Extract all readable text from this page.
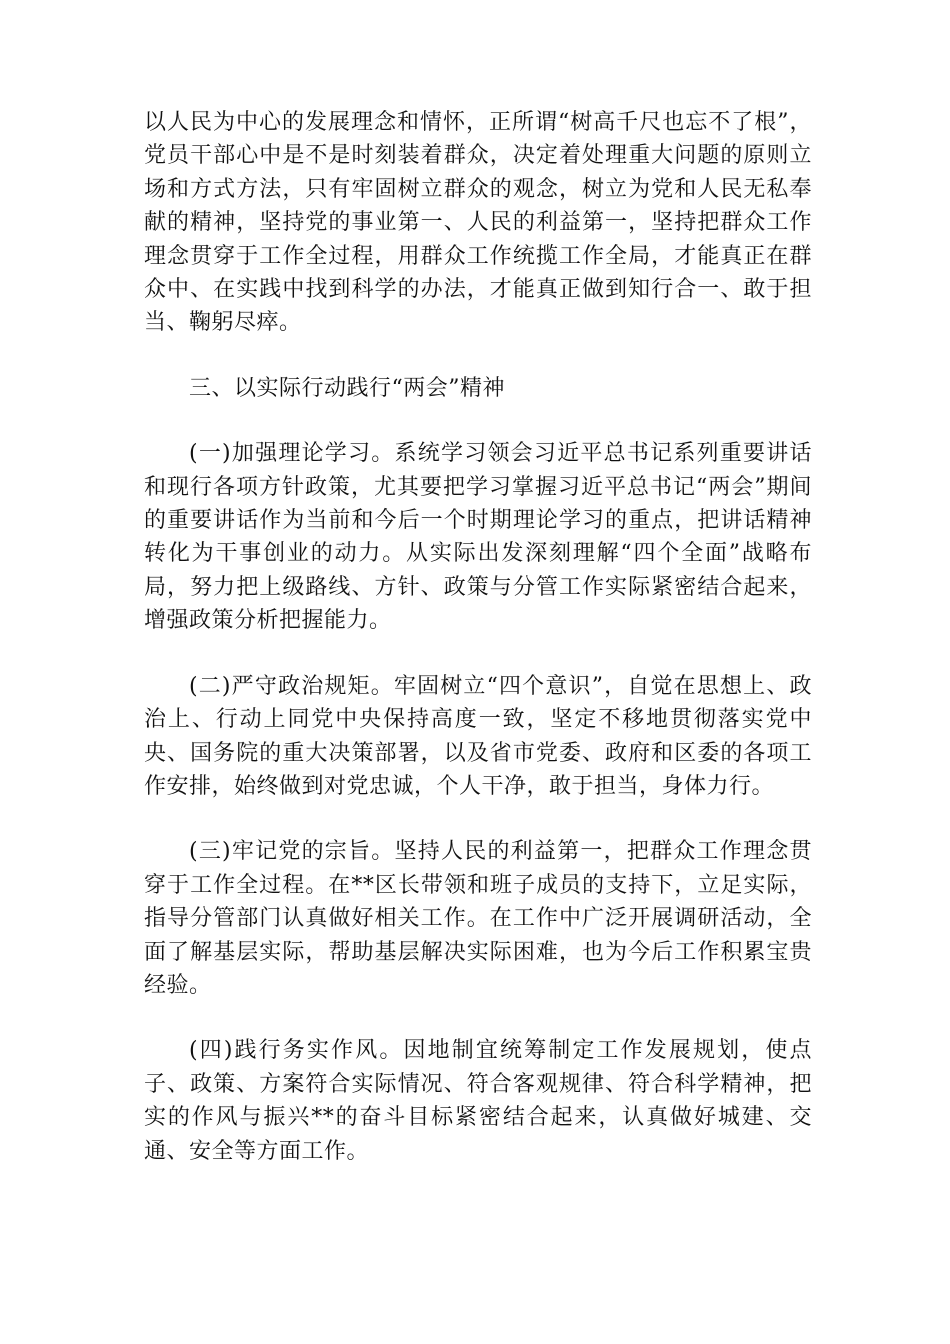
以人民为中心的发展理念和情怀，正所谓“树高千尺也忘不了根”，党员干部心中是不是时刻装着群众，决定着处理重大问题的原则立场和方式方法，只有牢固树立群众的观念，树立为党和人民无私奉献的精神，坚持党的事业第一、人民的利益第一，坚持把群众工作理念贯穿于工作全过程，用群众工作统揽工作全局，才能真正在群众中、在实践中找到科学的办法，才能真正做到知行合一、敢于担当、鞠躬尽瘁。

三、以实际行动践行“两会”精神

(一)加强理论学习。系统学习领会习近平总书记系列重要讲话和现行各项方针政策，尤其要把学习掌握习近平总书记“两会”期间的重要讲话作为当前和今后一个时期理论学习的重点，把讲话精神转化为干事创业的动力。从实际出发深刻理解“四个全面”战略布局，努力把上级路线、方针、政策与分管工作实际紧密结合起来，增强政策分析把握能力。

(二)严守政治规矩。牢固树立“四个意识”，自觉在思想上、政治上、行动上同党中央保持高度一致，坚定不移地贯彻落实党中央、国务院的重大决策部署，以及省市党委、政府和区委的各项工作安排，始终做到对党忠诚，个人干净，敢于担当，身体力行。

(三)牢记党的宗旨。坚持人民的利益第一，把群众工作理念贯穿于工作全过程。在**区长带领和班子成员的支持下，立足实际，指导分管部门认真做好相关工作。在工作中广泛开展调研活动，全面了解基层实际，帮助基层解决实际困难，也为今后工作积累宝贵经验。

(四)践行务实作风。因地制宜统筹制定工作发展规划，使点子、政策、方案符合实际情况、符合客观规律、符合科学精神，把实的作风与振兴**的奋斗目标紧密结合起来，认真做好城建、交通、安全等方面工作。
